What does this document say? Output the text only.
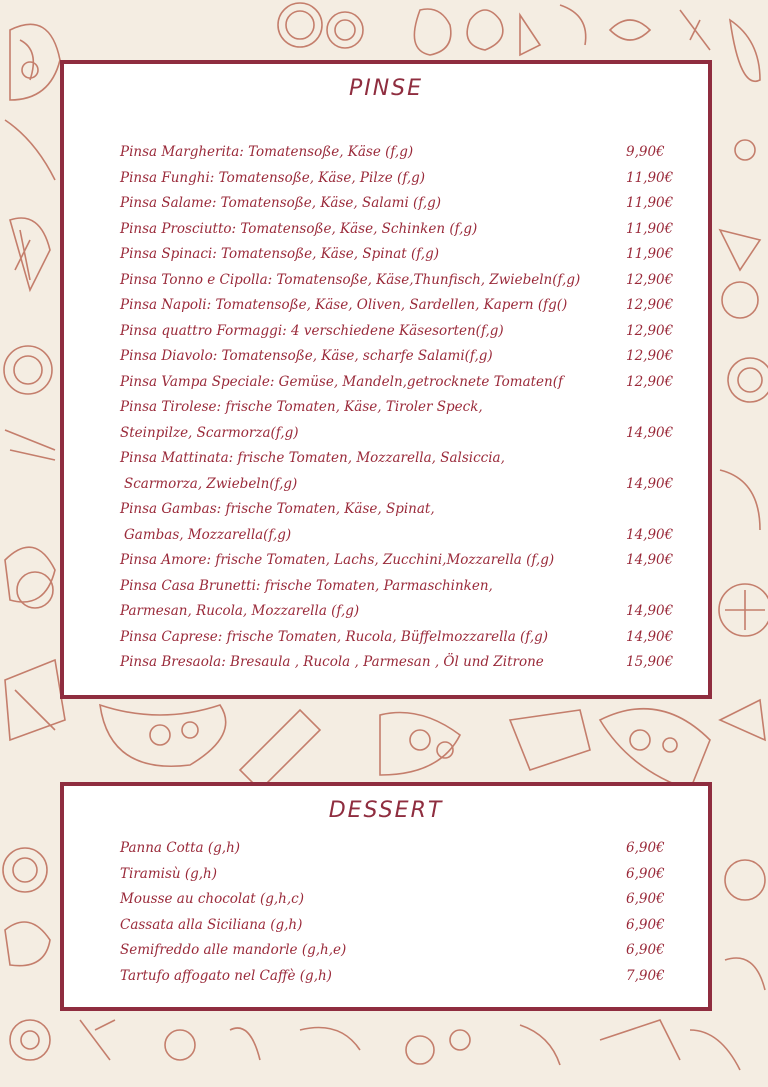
PINSE
Pinsa Margherita: Tomatensoße, Käse (f,g)	9,90€
Pinsa Funghi: Tomatensoße, Käse, Pilze (f,g)	11,90€
Pinsa Salame: Tomatensoße, Käse, Salami (f,g)	11,90€
Pinsa Prosciutto: Tomatensoße, Käse, Schinken (f,g)	11,90€
Pinsa Spinaci: Tomatensoße, Käse, Spinat (f,g)	11,90€
Pinsa Tonno e Cipolla: Tomatensoße, Käse,Thunfisch, Zwiebeln(f,g)	12,90€
Pinsa Napoli: Tomatensoße, Käse, Oliven, Sardellen, Kapern (fg()	12,90€
Pinsa quattro Formaggi: 4 verschiedene Käsesorten(f,g)	12,90€
Pinsa Diavolo: Tomatensoße, Käse, scharfe Salami(f,g)	12,90€
Pinsa Vampa Speciale: Gemüse, Mandeln,getrocknete Tomaten(f	12,90€
Pinsa Tirolese: frische Tomaten, Käse, Tiroler Speck,
Steinpilze, Scarmorza(f,g)	14,90€
Pinsa Mattinata: frische Tomaten, Mozzarella, Salsiccia,
Scarmorza, Zwiebeln(f,g)	14,90€
Pinsa Gambas: frische Tomaten, Käse, Spinat,
Gambas, Mozzarella(f,g)	14,90€
Pinsa Amore: frische Tomaten, Lachs, Zucchini,Mozzarella (f,g)	14,90€
Pinsa Casa Brunetti: frische Tomaten, Parmaschinken,
Parmesan, Rucola, Mozzarella (f,g)	14,90€
Pinsa Caprese: frische Tomaten, Rucola, Büffelmozzarella (f,g)	14,90€
Pinsa Bresaola: Bresaula , Rucola , Parmesan , Öl und Zitrone	15,90€
DESSERT
Panna Cotta (g,h)	6,90€
Tiramisù (g,h)	6,90€
Mousse au chocolat (g,h,c)	6,90€
Cassata alla Siciliana (g,h)	6,90€
Semifreddo alle mandorle (g,h,e)	6,90€
Tartufo affogato nel Caffè (g,h)	7,90€
